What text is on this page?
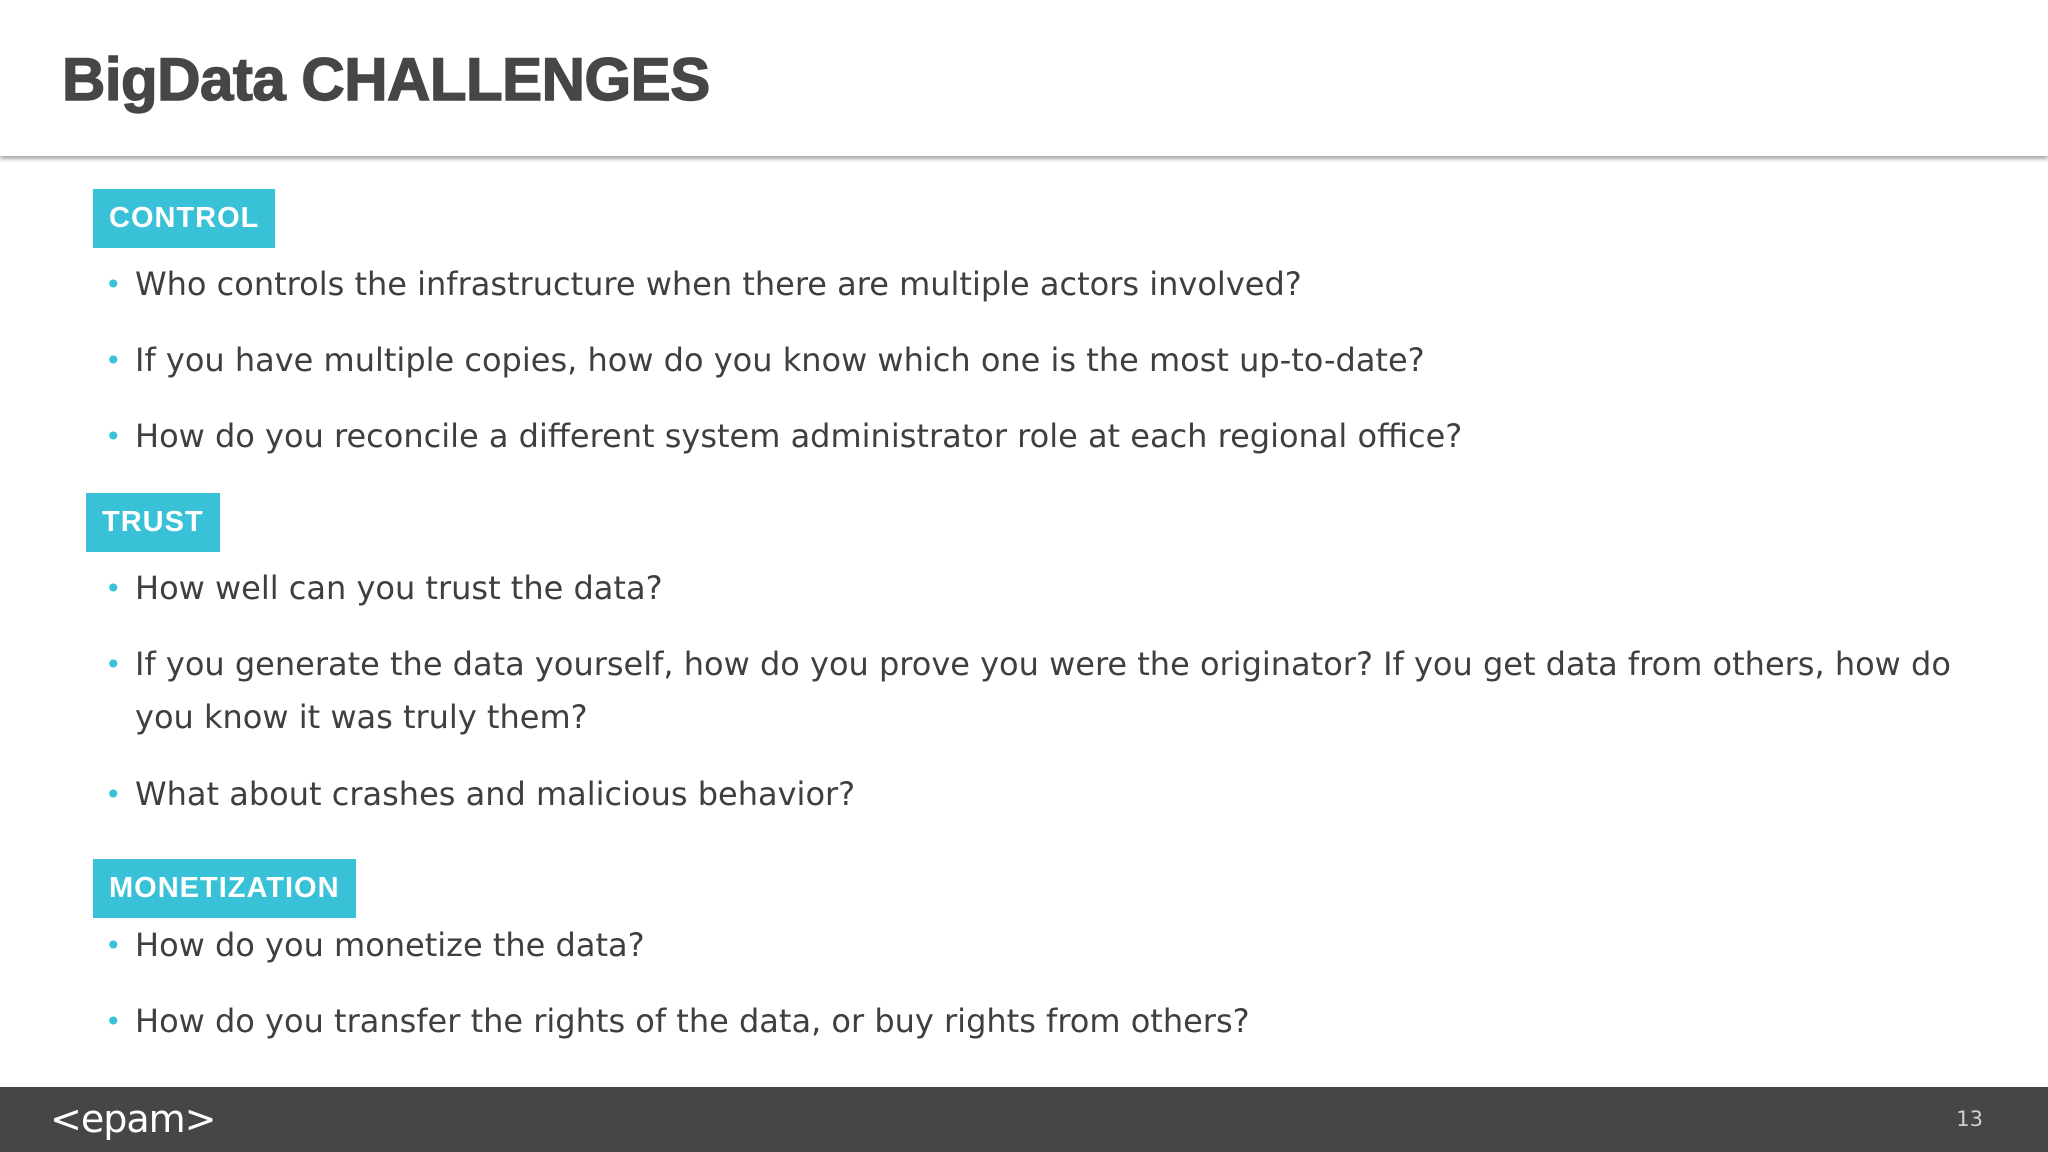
BigData CHALLENGES
CONTROL
• Who controls the infrastructure when there are multiple actors involved?
• If you have multiple copies, how do you know which one is the most up-to-date?
• How do you reconcile a different system administrator role at each regional office?
TRUST
• How well can you trust the data?
• If you generate the data yourself, how do you prove you were the originator? If you get data from others, how do you know it was truly them?
• What about crashes and malicious behavior?
MONETIZATION
• How do you monetize the data?
• How do you transfer the rights of the data, or buy rights from others?
<epam>	13
